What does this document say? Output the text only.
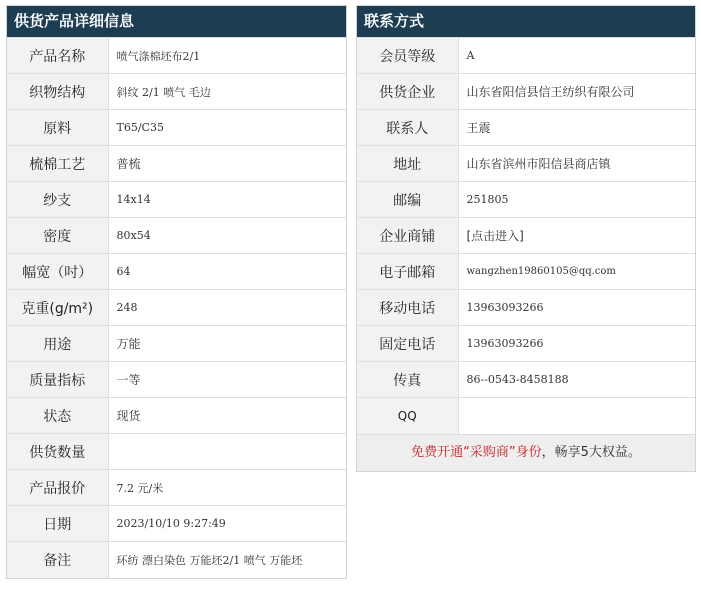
供货产品详细信息
产品名称	喷气涤棉坯布2/1
织物结构	斜纹 2/1 喷气 毛边
原料	T65/C35
梳棉工艺	普梳
纱支	14x14
密度	80x54
幅宽（吋）	64
克重(g/m²)	248
用途	万能
质量指标	一等
状态	现货
供货数量	
产品报价	7.2 元/米
日期	2023/10/10 9:27:49
备注	环纺 漂白染色 万能坯2/1 喷气 万能坯
联系方式
会员等级	A
供货企业	山东省阳信县信王纺织有限公司
联系人	王震
地址	山东省滨州市阳信县商店镇
邮编	251805
企业商铺	[点击进入]
电子邮箱	wangzhen19860105@qq.com
移动电话	13963093266
固定电话	13963093266
传真	86--0543-8458188
QQ	
免费开通“采购商”身份，畅享5大权益。
